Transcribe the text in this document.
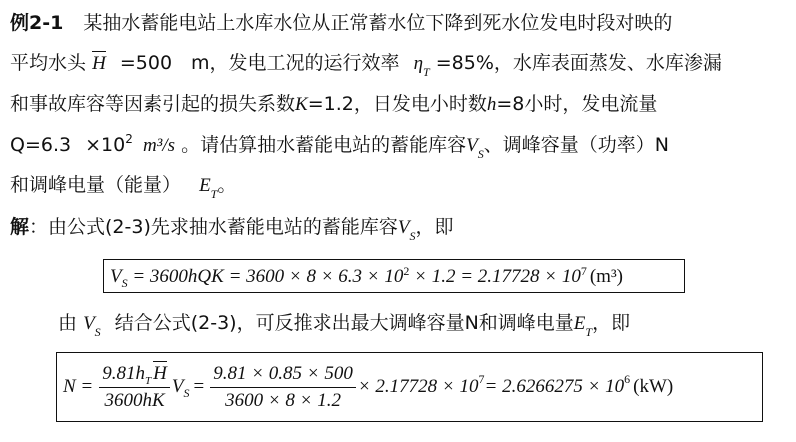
例2-1 某抽水蓄能电站上水库水位从正常蓄水位下降到死水位发电时段对映的
平均水头 H =500　m，发电工况的运行效率 $\eta_T =85\%$，水库表面蒸发、水库渗漏
和事故库容等因素引起的损失系数K=1.2，日发电小时数h=8小时，发电流量
$Q=6.3 \times 10^2$ m³/s 。请估算抽水蓄能电站的蓄能库容$V_S$、调峰容量（功率）N
和调峰电量（能量） $E_T$。
解：由公式(2-3)先求抽水蓄能电站的蓄能库容$V_S$，即
$V_S = 3600hQK = 3600 \times 8 \times 6.3 \times 10^2 \times 1.2 = 2.17728 \times 10^7$ (m³)
由 $V_S$ 结合公式(2-3)，可反推求出最大调峰容量N和调峰电量$E_T$，即
$N = \frac{9.81h_T H}{3600hK}$ V $S = \frac{9.81 \times 0.85 \times 500}{3600 \times 8 \times 1.2} \times 2.17728 \times 10$ 7 = 2.6266275 × 10 6 (kW)
